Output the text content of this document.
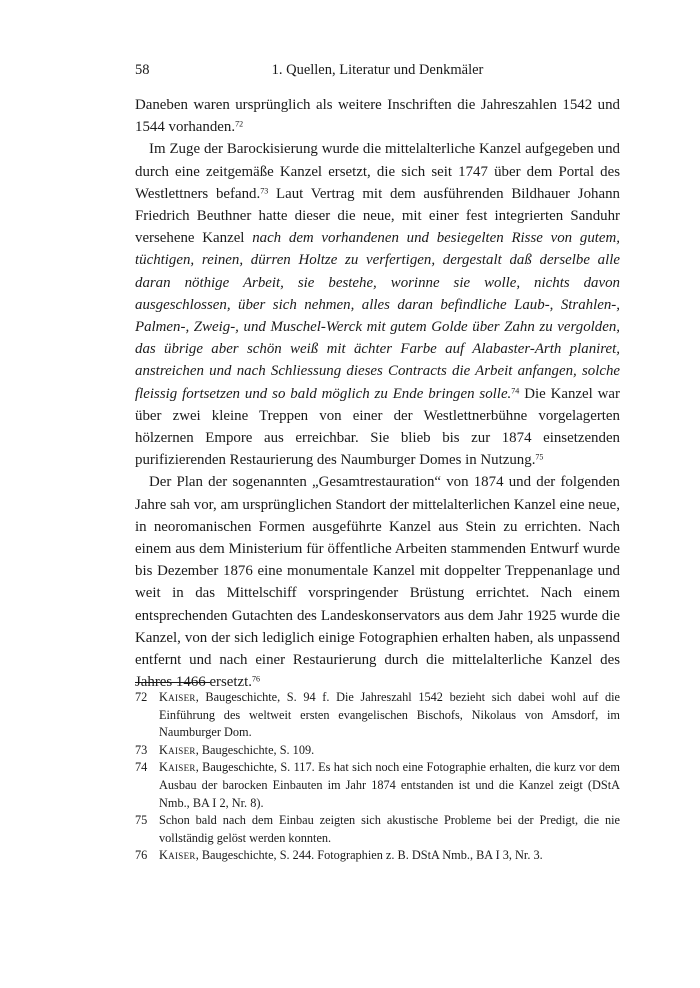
58	1. Quellen, Literatur und Denkmäler

Daneben waren ursprünglich als weitere Inschriften die Jahreszahlen 1542 und 1544 vorhanden.$^{72}$

Im Zuge der Barockisierung wurde die mittelalterliche Kanzel aufgegeben und durch eine zeitgemäße Kanzel ersetzt, die sich seit 1747 über dem Portal des Westlettners befand.$^{73}$ Laut Vertrag mit dem ausführenden Bildhauer Johann Friedrich Beuthner hatte dieser die neue, mit einer fest integrierten Sanduhr versehene Kanzel nach dem vorhandenen und besiegelten Risse von gutem, tüchtigen, reinen, dürren Holtze zu verfertigen, dergestalt daß derselbe alle daran nöthige Arbeit, sie bestehe, worinne sie wolle, nichts davon ausgeschlossen, über sich nehmen, alles daran befindliche Laub-, Strahlen-, Palmen-, Zweig-, und Muschel-Werck mit gutem Golde über Zahn zu vergolden, das übrige aber schön weiß mit ächter Farbe auf Alabaster-Arth planiret, anstreichen und nach Schliessung dieses Contracts die Arbeit anfangen, solche fleissig fortsetzen und so bald möglich zu Ende bringen solle.$^{74}$ Die Kanzel war über zwei kleine Treppen von einer der Westlettnerbühne vorgelagerten hölzernen Empore aus erreichbar. Sie blieb bis zur 1874 einsetzenden purifizierenden Restaurierung des Naumburger Domes in Nutzung.$^{75}$

Der Plan der sogenannten „Gesamtrestauration“ von 1874 und der folgenden Jahre sah vor, am ursprünglichen Standort der mittelalterlichen Kanzel eine neue, in neoromanischen Formen ausgeführte Kanzel aus Stein zu errichten. Nach einem aus dem Ministerium für öffentliche Arbeiten stammenden Entwurf wurde bis Dezember 1876 eine monumentale Kanzel mit doppelter Treppenanlage und weit in das Mittelschiff vorspringender Brüstung errichtet. Nach einem entsprechenden Gutachten des Landeskonservators aus dem Jahr 1925 wurde die Kanzel, von der sich lediglich einige Fotographien erhalten haben, als unpassend entfernt und nach einer Restaurierung durch die mittelalterliche Kanzel des Jahres 1466 ersetzt.$^{76}$

72 Kaiser, Baugeschichte, S. 94 f. Die Jahreszahl 1542 bezieht sich dabei wohl auf die Einführung des weltweit ersten evangelischen Bischofs, Nikolaus von Amsdorf, im Naumburger Dom.
73 Kaiser, Baugeschichte, S. 109.
74 Kaiser, Baugeschichte, S. 117. Es hat sich noch eine Fotographie erhalten, die kurz vor dem Ausbau der barocken Einbauten im Jahr 1874 entstanden ist und die Kanzel zeigt (DStA Nmb., BA I 2, Nr. 8).
75 Schon bald nach dem Einbau zeigten sich akustische Probleme bei der Predigt, die nie vollständig gelöst werden konnten.
76 Kaiser, Baugeschichte, S. 244. Fotographien z. B. DStA Nmb., BA I 3, Nr. 3.
